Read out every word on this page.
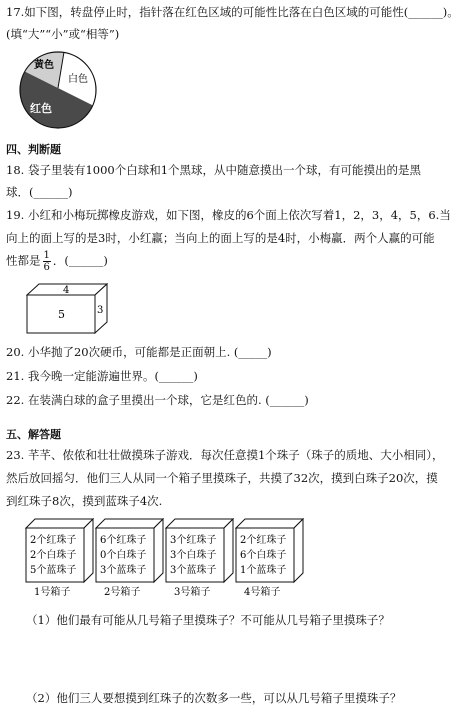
17.如下图，转盘停止时，指针落在红色区域的可能性比落在白色区域的可能性(______)。
(填“大”“小”或“相等”)
黄色
白色
红色
四、判断题
18. 袋子里装有1000个白球和1个黑球，从中随意摸出一个球，有可能摸出的是黑
球．(______)
19. 小红和小梅玩掷橡皮游戏，如下图，橡皮的6个面上依次写着1，2，3，4，5，6.当
向上的面上写的是3时，小红赢；当向上的面上写的是4时，小梅赢．两个人赢的可能
性都是 $\frac{1}{6}$ ．(______)
4
5	3
20. 小华抛了20次硬币，可能都是正面朝上. (_____)
21. 我今晚一定能游遍世界。(______)
22. 在装满白球的盒子里摸出一个球，它是红色的. (______)
五、解答题
23. 芊芊、侬侬和壮壮做摸珠子游戏．每次任意摸1个珠子（珠子的质地、大小相同），
然后放回摇匀．他们三人从同一个箱子里摸珠子，共摸了32次，摸到白珠子20次，摸
到红珠子8次，摸到蓝珠子4次.
2个红珠子
2个白珠子
5个蓝珠子
1号箱子
6个红珠子
0个白珠子
3个蓝珠子
2号箱子
3个红珠子
3个白珠子
3个蓝珠子
3号箱子
2个红珠子
6个白珠子
1个蓝珠子
4号箱子
（1）他们最有可能从几号箱子里摸珠子？不可能从几号箱子里摸珠子？
（2）他们三人要想摸到红珠子的次数多一些，可以从几号箱子里摸珠子？
